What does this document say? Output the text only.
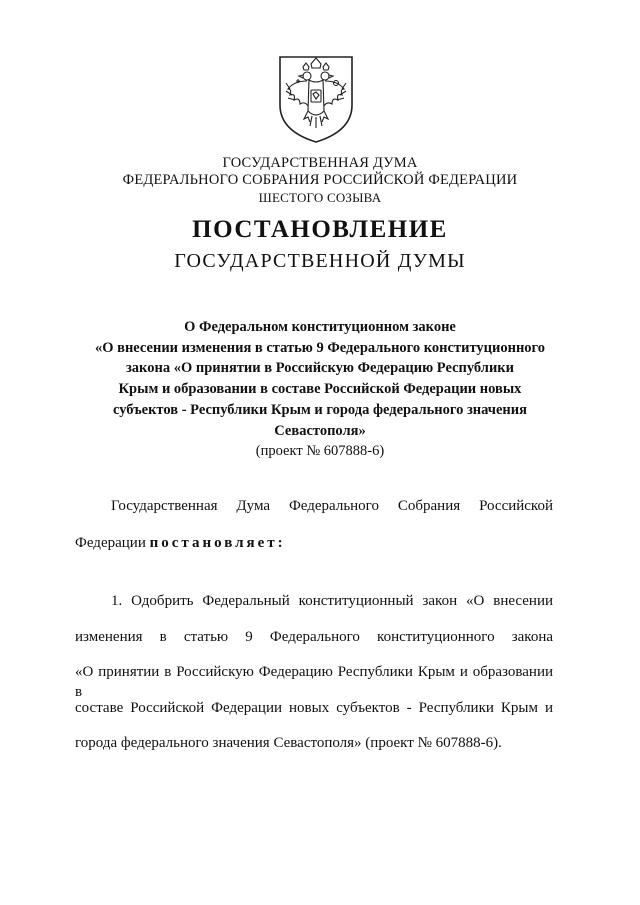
ГОСУДАРСТВЕННАЯ ДУМА
ФЕДЕРАЛЬНОГО СОБРАНИЯ РОССИЙСКОЙ ФЕДЕРАЦИИ
ШЕСТОГО СОЗЫВА
ПОСТАНОВЛЕНИЕ
ГОСУДАРСТВЕННОЙ ДУМЫ
О Федеральном конституционном законе
«О внесении изменения в статью 9 Федерального конституционного
закона «О принятии в Российскую Федерацию Республики
Крым и образовании в составе Российской Федерации новых
субъектов - Республики Крым и города федерального значения
Севастополя»
(проект № 607888-6)
Государственная Дума Федерального Собрания Российской
Федерации постановляет:
1. Одобрить Федеральный конституционный закон «О внесении
изменения в статью 9 Федерального конституционного закона
«О принятии в Российскую Федерацию Республики Крым и образовании в
составе Российской Федерации новых субъектов - Республики Крым и
города федерального значения Севастополя» (проект № 607888-6).
